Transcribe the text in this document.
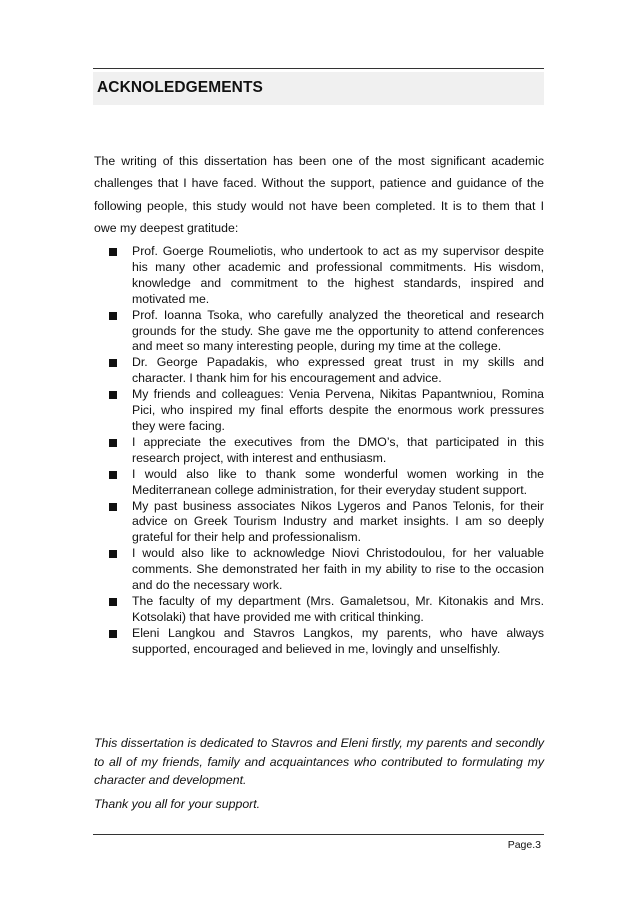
ACKNOLEDGEMENTS

The writing of this dissertation has been one of the most significant academic challenges that I have faced. Without the support, patience and guidance of the following people, this study would not have been completed. It is to them that I owe my deepest gratitude:

Prof. Goerge Roumeliotis, who undertook to act as my supervisor despite his many other academic and professional commitments. His wisdom, knowledge and commitment to the highest standards, inspired and motivated me.
Prof. Ioanna Tsoka, who carefully analyzed the theoretical and research grounds for the study. She gave me the opportunity to attend conferences and meet so many interesting people, during my time at the college.
Dr. George Papadakis, who expressed great trust in my skills and character. I thank him for his encouragement and advice.
My friends and colleagues: Venia Pervena, Nikitas Papantwniou, Romina Pici, who inspired my final efforts despite the enormous work pressures they were facing.
I appreciate the executives from the DMO’s, that participated in this research project, with interest and enthusiasm.
I would also like to thank some wonderful women working in the Mediterranean college administration, for their everyday student support.
My past business associates Nikos Lygeros and Panos Telonis, for their advice on Greek Tourism Industry and market insights. I am so deeply grateful for their help and professionalism.
I would also like to acknowledge Niovi Christodoulou, for her valuable comments. She demonstrated her faith in my ability to rise to the occasion and do the necessary work.
The faculty of my department (Mrs. Gamaletsou, Mr. Kitonakis and Mrs. Kotsolaki) that have provided me with critical thinking.
Eleni Langkou and Stavros Langkos, my parents, who have always supported, encouraged and believed in me, lovingly and unselfishly.

This dissertation is dedicated to Stavros and Eleni firstly, my parents and secondly to all of my friends, family and acquaintances who contributed to formulating my character and development.

Thank you all for your support.

Page.3
